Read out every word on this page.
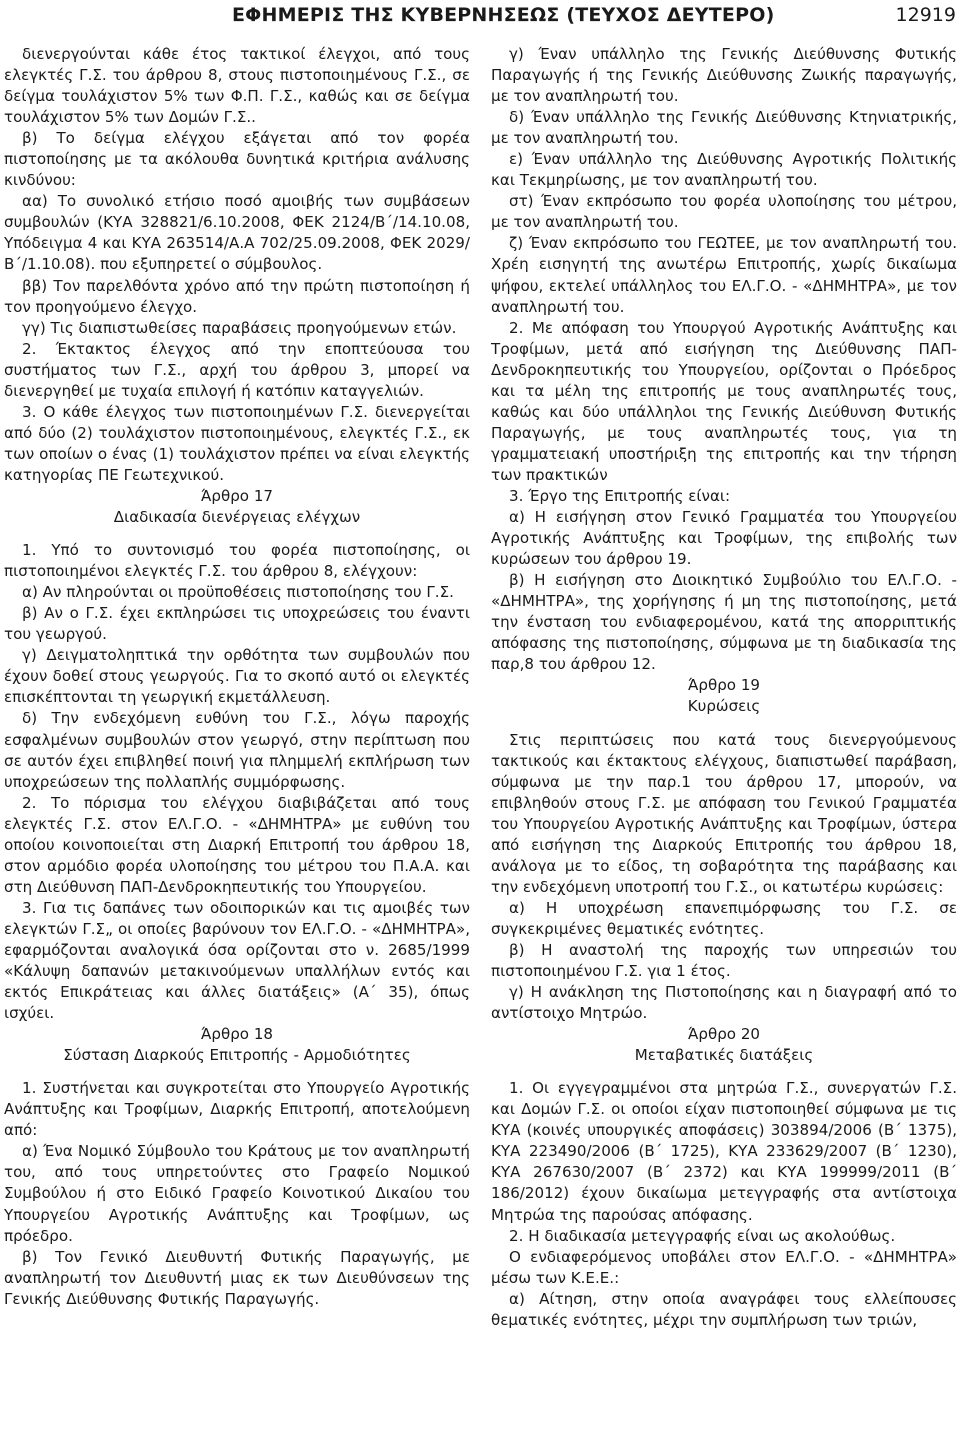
ΕΦΗΜΕΡΙΣ ΤΗΣ ΚΥΒΕΡΝΗΣΕΩΣ (ΤΕΥΧΟΣ ΔΕΥΤΕΡΟ)	12919

διενεργούνται κάθε έτος τακτικοί έλεγχοι, από τους ελεγκτές Γ.Σ. του άρθρου 8, στους πιστοποιημένους Γ.Σ., σε δείγμα τουλάχιστον 5% των Φ.Π. Γ.Σ., καθώς και σε δείγμα τουλάχιστον 5% των Δομών Γ.Σ..

β) Το δείγμα ελέγχου εξάγεται από τον φορέα πιστοποίησης με τα ακόλουθα δυνητικά κριτήρια ανάλυσης κινδύνου:

αα) Το συνολικό ετήσιο ποσό αμοιβής των συμβάσεων συμβουλών (ΚΥΑ 328821/6.10.2008, ΦΕΚ 2124/Β΄/14.10.08, Υπόδειγμα 4 και ΚΥΑ 263514/Α.Α 702/25.09.2008, ΦΕΚ 2029/Β΄/1.10.08). που εξυπηρετεί ο σύμβουλος.

ββ) Τον παρελθόντα χρόνο από την πρώτη πιστοποίηση ή τον προηγούμενο έλεγχο.

γγ) Τις διαπιστωθείσες παραβάσεις προηγούμενων ετών.

2. Έκτακτος έλεγχος από την εποπτεύουσα του συστήματος των Γ.Σ., αρχή του άρθρου 3, μπορεί να διενεργηθεί με τυχαία επιλογή ή κατόπιν καταγγελιών.

3. Ο κάθε έλεγχος των πιστοποιημένων Γ.Σ. διενεργείται από δύο (2) τουλάχιστον πιστοποιημένους, ελεγκτές Γ.Σ., εκ των οποίων ο ένας (1) τουλάχιστον πρέπει να είναι ελεγκτής κατηγορίας ΠΕ Γεωτεχνικού.

Άρθρο 17

Διαδικασία διενέργειας ελέγχων

1. Υπό το συντονισμό του φορέα πιστοποίησης, οι πιστοποιημένοι ελεγκτές Γ.Σ. του άρθρου 8, ελέγχουν:

α) Αν πληρούνται οι προϋποθέσεις πιστοποίησης του Γ.Σ.

β) Αν ο Γ.Σ. έχει εκπληρώσει τις υποχρεώσεις του έναντι του γεωργού.

γ) Δειγματοληπτικά την ορθότητα των συμβουλών που έχουν δοθεί στους γεωργούς. Για το σκοπό αυτό οι ελεγκτές επισκέπτονται τη γεωργική εκμετάλλευση.

δ) Την ενδεχόμενη ευθύνη του Γ.Σ., λόγω παροχής εσφαλμένων συμβουλών στον γεωργό, στην περίπτωση που σε αυτόν έχει επιβληθεί ποινή για πλημμελή εκπλήρωση των υποχρεώσεων της πολλαπλής συμμόρφωσης.

2. Το πόρισμα του ελέγχου διαβιβάζεται από τους ελεγκτές Γ.Σ. στον ΕΛ.Γ.Ο. - «ΔΗΜΗΤΡΑ» με ευθύνη του οποίου κοινοποιείται στη Διαρκή Επιτροπή του άρθρου 18, στον αρμόδιο φορέα υλοποίησης του μέτρου του Π.Α.Α. και στη Διεύθυνση ΠΑΠ-Δενδροκηπευτικής του Υπουργείου.

3. Για τις δαπάνες των οδοιπορικών και τις αμοιβές των ελεγκτών Γ.Σ„ οι οποίες βαρύνουν τον ΕΛ.Γ.Ο. - «ΔΗΜΗΤΡΑ», εφαρμόζονται αναλογικά όσα ορίζονται στο ν. 2685/1999 «Κάλυψη δαπανών μετακινούμενων υπαλλήλων εντός και εκτός Επικράτειας και άλλες διατάξεις» (Α΄ 35), όπως ισχύει.

Άρθρο 18

Σύσταση Διαρκούς Επιτροπής - Αρμοδιότητες

1. Συστήνεται και συγκροτείται στο Υπουργείο Αγροτικής Ανάπτυξης και Τροφίμων, Διαρκής Επιτροπή, αποτελούμενη από:

α) Ένα Νομικό Σύμβουλο του Κράτους με τον αναπληρωτή του, από τους υπηρετούντες στο Γραφείο Νομικού Συμβούλου ή στο Ειδικό Γραφείο Κοινοτικού Δικαίου του Υπουργείου Αγροτικής Ανάπτυξης και Τροφίμων, ως πρόεδρο.

β) Τον Γενικό Διευθυντή Φυτικής Παραγωγής, με αναπληρωτή τον Διευθυντή μιας εκ των Διευθύνσεων της Γενικής Διεύθυνσης Φυτικής Παραγωγής.

γ) Έναν υπάλληλο της Γενικής Διεύθυνσης Φυτικής Παραγωγής ή της Γενικής Διεύθυνσης Ζωικής παραγωγής, με τον αναπληρωτή του.

δ) Έναν υπάλληλο της Γενικής Διεύθυνσης Κτηνιατρικής, με τον αναπληρωτή του.

ε) Έναν υπάλληλο της Διεύθυνσης Αγροτικής Πολιτικής και Τεκμηρίωσης, με τον αναπληρωτή του.

στ) Έναν εκπρόσωπο του φορέα υλοποίησης του μέτρου, με τον αναπληρωτή του.

ζ) Έναν εκπρόσωπο του ΓΕΩΤΕΕ, με τον αναπληρωτή του. Χρέη εισηγητή της ανωτέρω Επιτροπής, χωρίς δικαίωμα ψήφου, εκτελεί υπάλληλος του ΕΛ.Γ.Ο. - «ΔΗΜΗΤΡΑ», με τον αναπληρωτή του.

2. Με απόφαση του Υπουργού Αγροτικής Ανάπτυξης και Τροφίμων, μετά από εισήγηση της Διεύθυνσης ΠΑΠ-Δενδροκηπευτικής του Υπουργείου, ορίζονται ο Πρόεδρος και τα μέλη της επιτροπής με τους αναπληρωτές τους, καθώς και δύο υπάλληλοι της Γενικής Διεύθυνση Φυτικής Παραγωγής, με τους αναπληρωτές τους, για τη γραμματειακή υποστήριξη της επιτροπής και την τήρηση των πρακτικών

3. Έργο της Επιτροπής είναι:

α) Η εισήγηση στον Γενικό Γραμματέα του Υπουργείου Αγροτικής Ανάπτυξης και Τροφίμων, της επιβολής των κυρώσεων του άρθρου 19.

β) Η εισήγηση στο Διοικητικό Συμβούλιο του ΕΛ.Γ.Ο. - «ΔΗΜΗΤΡΑ», της χορήγησης ή μη της πιστοποίησης, μετά την ένσταση του ενδιαφερομένου, κατά της απορριπτικής απόφασης της πιστοποίησης, σύμφωνα με τη διαδικασία της παρ,8 του άρθρου 12.

Άρθρο 19

Κυρώσεις

Στις περιπτώσεις που κατά τους διενεργούμενους τακτικούς και έκτακτους ελέγχους, διαπιστωθεί παράβαση, σύμφωνα με την παρ.1 του άρθρου 17, μπορούν, να επιβληθούν στους Γ.Σ. με απόφαση του Γενικού Γραμματέα του Υπουργείου Αγροτικής Ανάπτυξης και Τροφίμων, ύστερα από εισήγηση της Διαρκούς Επιτροπής του άρθρου 18, ανάλογα με το είδος, τη σοβαρότητα της παράβασης και την ενδεχόμενη υποτροπή του Γ.Σ., οι κατωτέρω κυρώσεις:

α) Η υποχρέωση επανεπιμόρφωσης του Γ.Σ. σε συγκεκριμένες θεματικές ενότητες.

β) Η αναστολή της παροχής των υπηρεσιών του πιστοποιημένου Γ.Σ. για 1 έτος.

γ) Η ανάκληση της Πιστοποίησης και η διαγραφή από το αντίστοιχο Μητρώο.

Άρθρο 20

Μεταβατικές διατάξεις

1. Οι εγγεγραμμένοι στα μητρώα Γ.Σ., συνεργατών Γ.Σ. και Δομών Γ.Σ. οι οποίοι είχαν πιστοποιηθεί σύμφωνα με τις ΚΥΑ (κοινές υπουργικές αποφάσεις) 303894/2006 (Β΄ 1375), ΚΥΑ 223490/2006 (Β΄ 1725), ΚΥΑ 233629/2007 (Β΄ 1230), ΚΥΑ 267630/2007 (Β΄ 2372) και ΚΥΑ 199999/2011 (Β΄ 186/2012) έχουν δικαίωμα μετεγγραφής στα αντίστοιχα Μητρώα της παρούσας απόφασης.

2. Η διαδικασία μετεγγραφής είναι ως ακολούθως.

Ο ενδιαφερόμενος υποβάλει στον ΕΛ.Γ.Ο. - «ΔΗΜΗΤΡΑ» μέσω των Κ.Ε.Ε.:

α) Αίτηση, στην οποία αναγράφει τους ελλείπουσες θεματικές ενότητες, μέχρι την συμπλήρωση των τριών,
